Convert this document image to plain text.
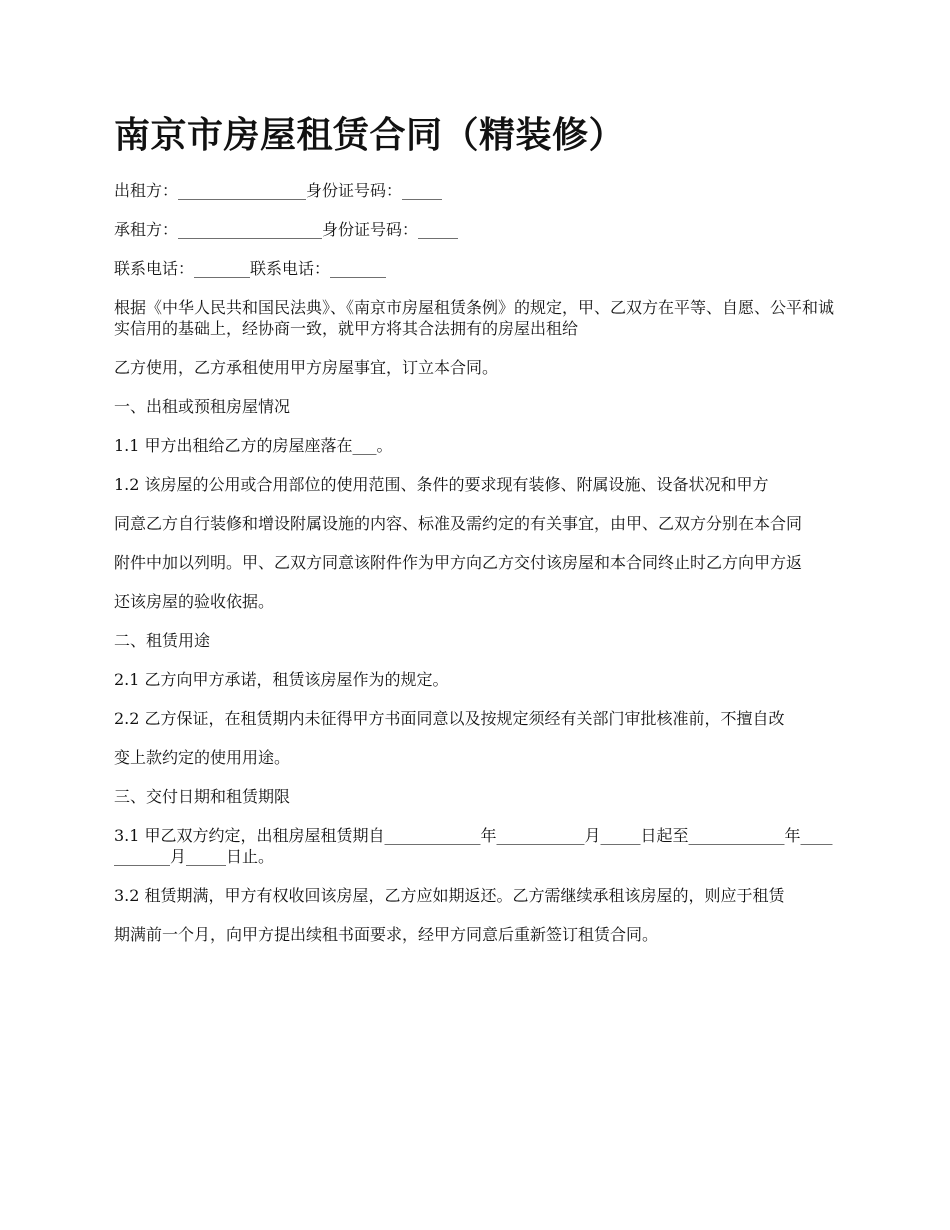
南京市房屋租赁合同（精装修）

出租方：________________身份证号码：_____

承租方：__________________身份证号码：_____

联系电话：_______联系电话：_______

根据《中华人民共和国民法典》、《南京市房屋租赁条例》的规定，甲、乙双方在平等、自愿、公平和诚实信用的基础上，经协商一致，就甲方将其合法拥有的房屋出租给

乙方使用，乙方承租使用甲方房屋事宜，订立本合同。

一、出租或预租房屋情况

1.1 甲方出租给乙方的房屋座落在___。

1.2 该房屋的公用或合用部位的使用范围、条件的要求现有装修、附属设施、设备状况和甲方

同意乙方自行装修和增设附属设施的内容、标准及需约定的有关事宜，由甲、乙双方分别在本合同

附件中加以列明。甲、乙双方同意该附件作为甲方向乙方交付该房屋和本合同终止时乙方向甲方返

还该房屋的验收依据。

二、租赁用途

2.1 乙方向甲方承诺，租赁该房屋作为的规定。

2.2 乙方保证，在租赁期内未征得甲方书面同意以及按规定须经有关部门审批核准前，不擅自改

变上款约定的使用用途。

三、交付日期和租赁期限

3.1 甲乙双方约定，出租房屋租赁期自____________年___________月_____日起至____________年___________月_____日止。

3.2 租赁期满，甲方有权收回该房屋，乙方应如期返还。乙方需继续承租该房屋的，则应于租赁

期满前一个月，向甲方提出续租书面要求，经甲方同意后重新签订租赁合同。
